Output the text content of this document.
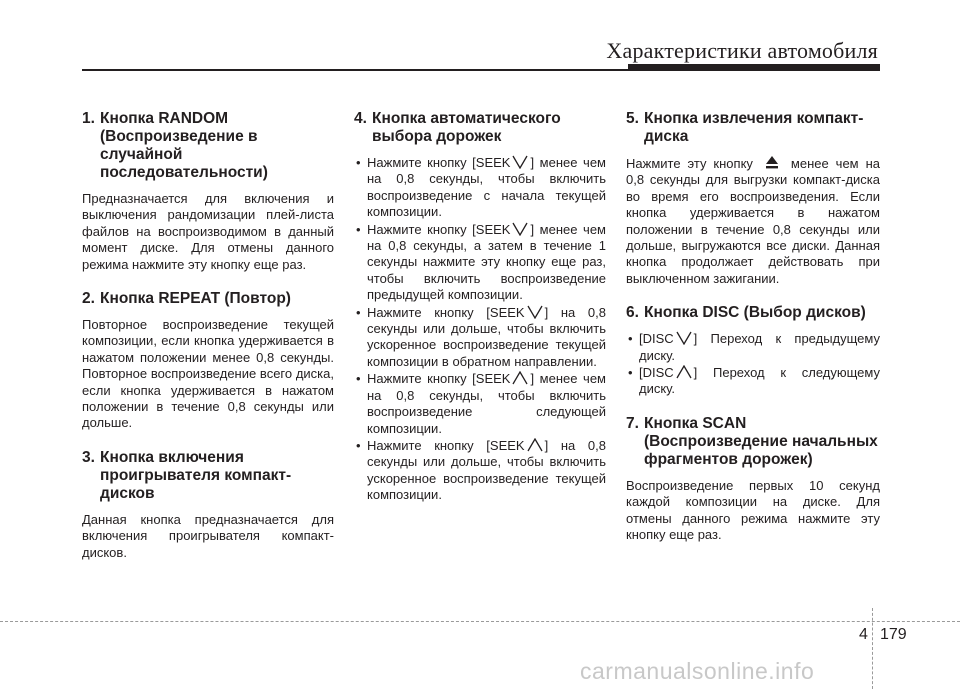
Характеристики автомобиля
1. Кнопка RANDOM
(Воспроизведение в случайной последовательности)
Предназначается для включения и выключения рандомизации плей-листа файлов на воспроизводимом в данный момент диске. Для отмены данного режима нажмите эту кнопку еще раз.
2. Кнопка REPEAT (Повтор)
Повторное воспроизведение текущей композиции, если кнопка удерживается в нажатом положении менее 0,8 секунды. Повторное воспроизведение всего диска, если кнопка удерживается в нажатом положении в течение 0,8 секунды или дольше.
3. Кнопка включения
проигрывателя компакт-дисков
Данная кнопка предназначается для включения проигрывателя компакт-дисков.
4. Кнопка автоматического
выбора дорожек
• Нажмите кнопку [SEEK ] менее чем на 0,8 секунды, чтобы включить воспроизведение с начала текущей композиции.
• Нажмите кнопку [SEEK ] менее чем на 0,8 секунды, а затем в течение 1 секунды нажмите эту кнопку еще раз, чтобы включить воспроизведение предыдущей композиции.
• Нажмите кнопку [SEEK ] на 0,8 секунды или дольше, чтобы включить ускоренное воспроизведение текущей композиции в обратном направлении.
• Нажмите кнопку [SEEK ] менее чем на 0,8 секунды, чтобы включить воспроизведение следующей композиции.
• Нажмите кнопку [SEEK ] на 0,8 секунды или дольше, чтобы включить ускоренное воспроизведение текущей композиции.
5. Кнопка извлечения компакт-
диска
Нажмите эту кнопку	менее чем на 0,8 секунды для выгрузки компакт-диска во время его воспроизведения. Если кнопка удерживается в нажатом положении в течение 0,8 секунды или дольше, выгружаются все диски. Данная кнопка продолжает действовать при выключенном зажигании.
6. Кнопка DISC (Выбор дисков)
• [DISC ] Переход к предыдущему диску.
• [DISC ] Переход к следующему диску.
7. Кнопка SCAN
(Воспроизведение начальных фрагментов дорожек)
Воспроизведение первых 10 секунд каждой композиции на диске. Для отмены данного режима нажмите эту кнопку еще раз.
4 179
carmanualsonline.info
